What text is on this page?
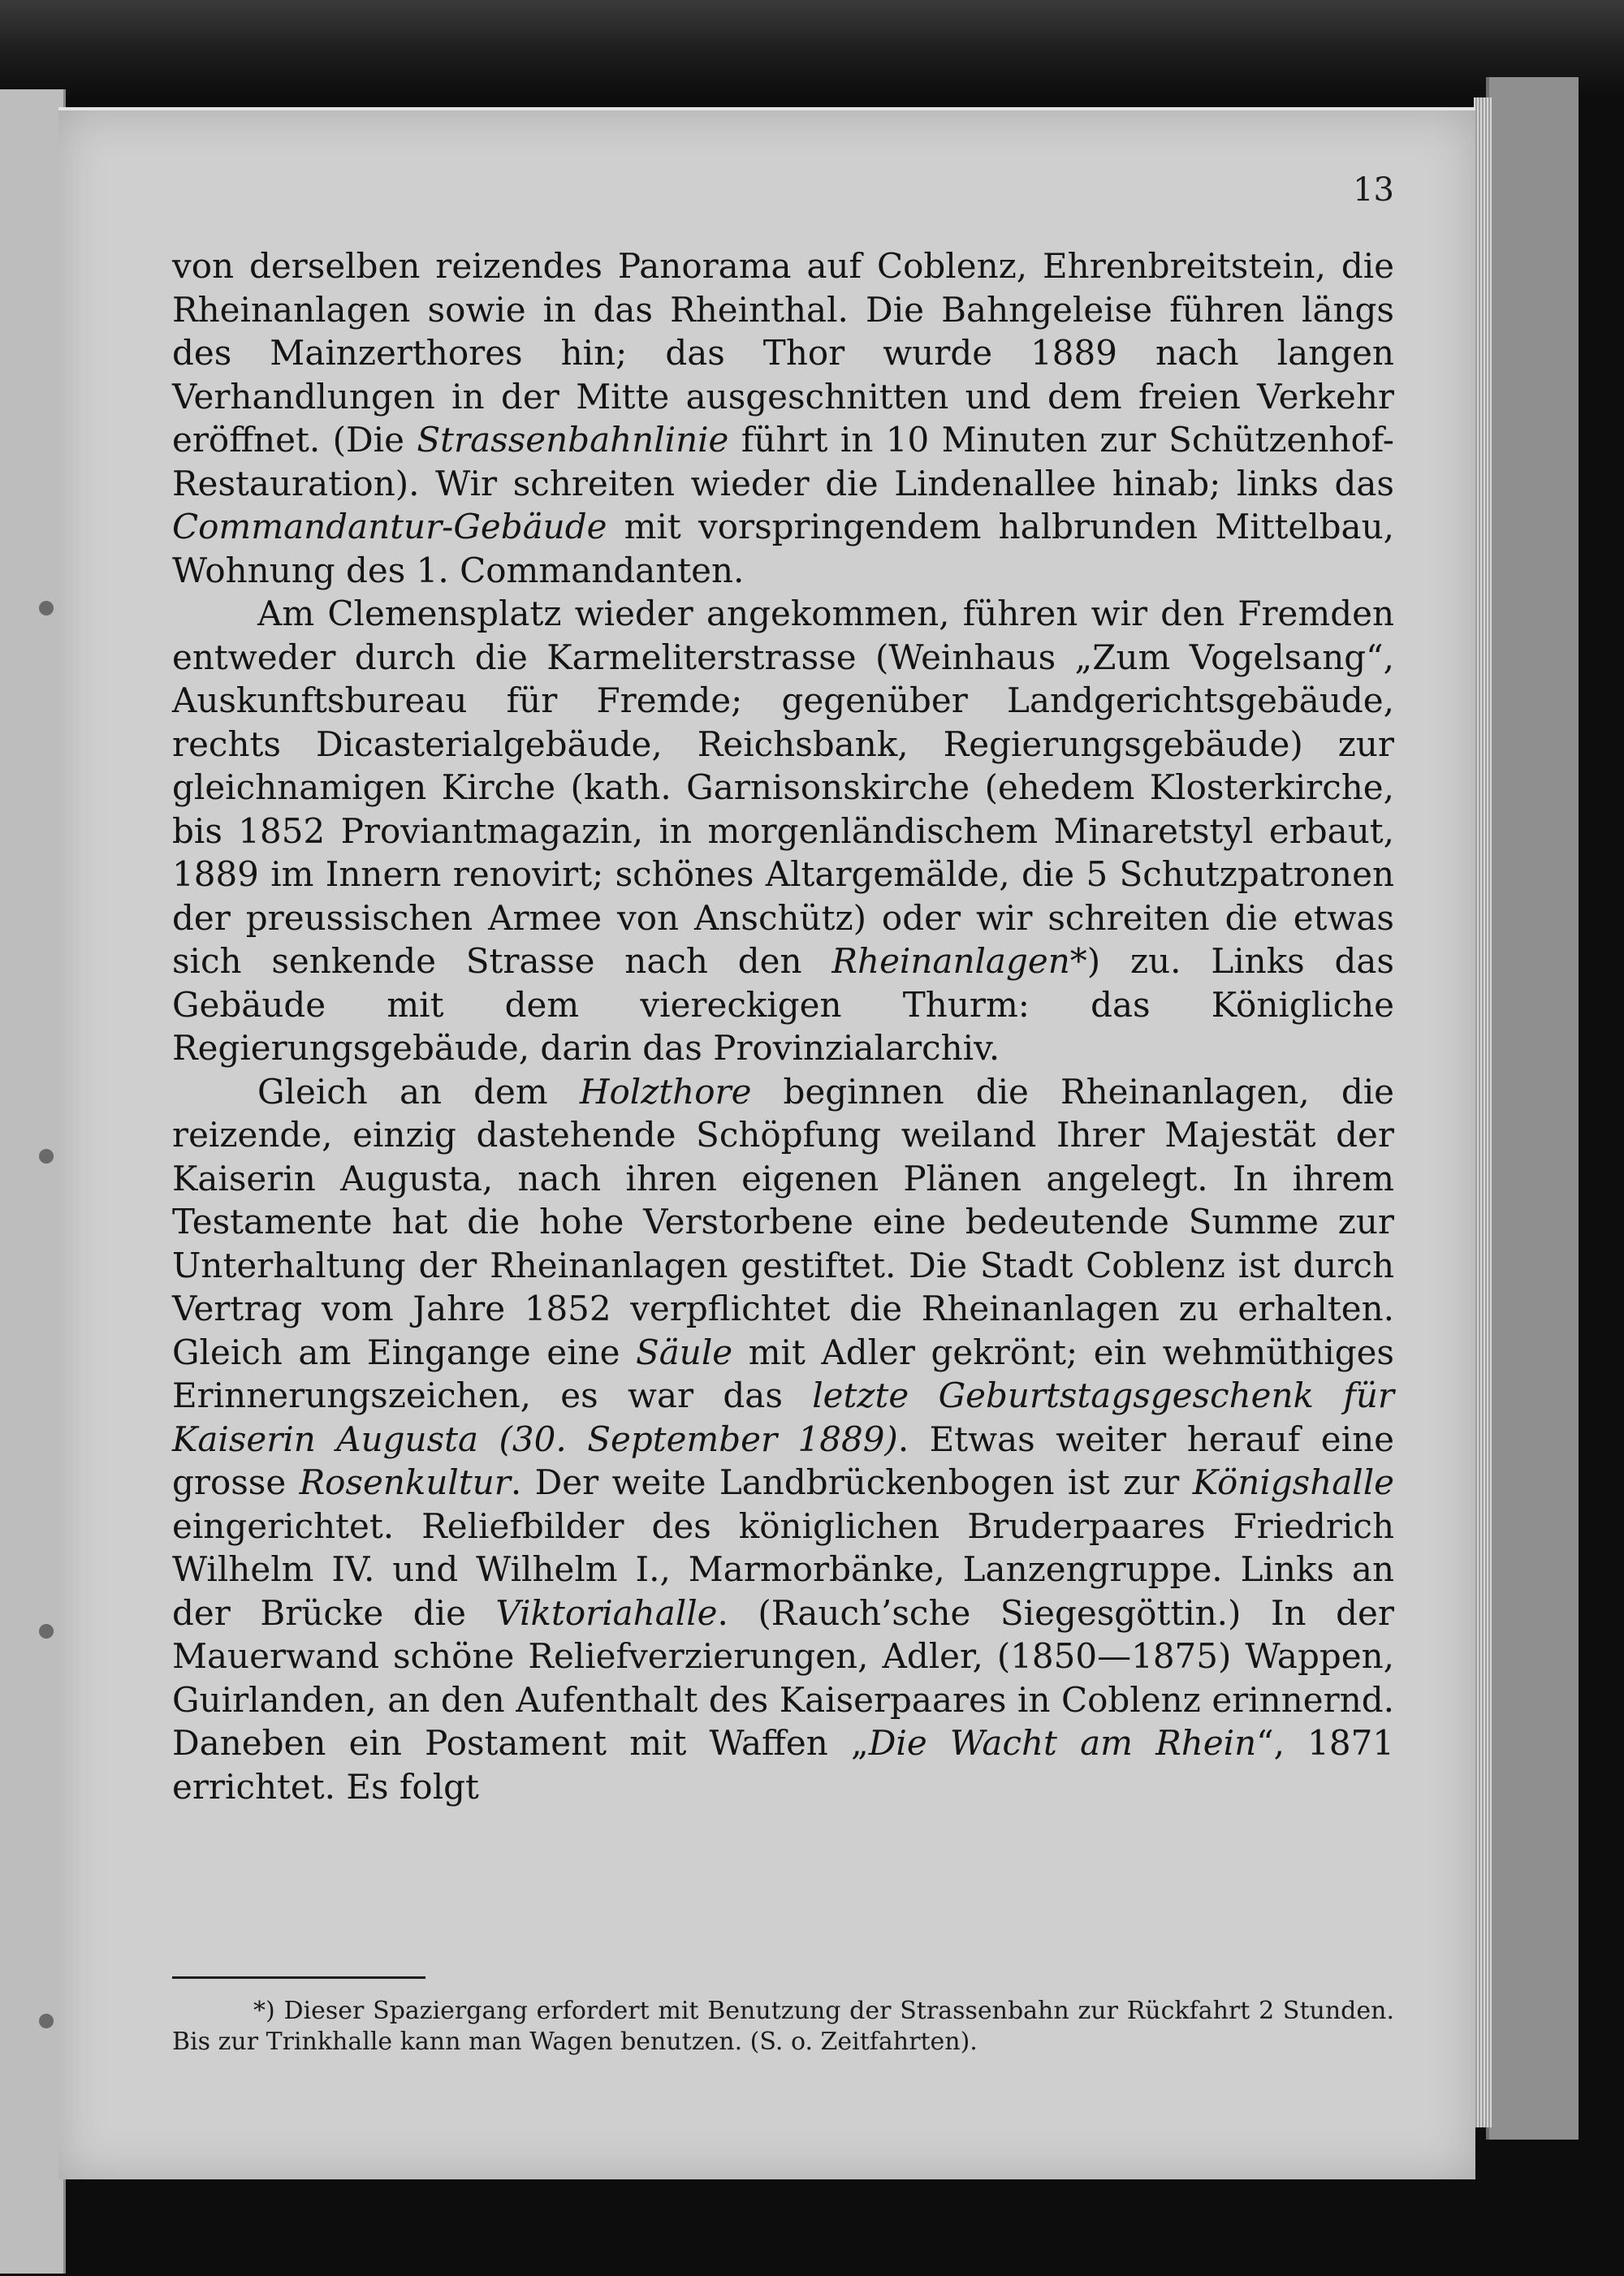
13

von derselben reizendes Panorama auf Coblenz, Ehrenbreitstein, die Rheinanlagen sowie in das Rheinthal. Die Bahngeleise führen längs des Mainzerthores hin; das Thor wurde 1889 nach langen Verhandlungen in der Mitte ausgeschnitten und dem freien Verkehr eröffnet. (Die Strassenbahnlinie führt in 10 Minuten zur Schützenhof-Restauration). Wir schreiten wieder die Lindenallee hinab; links das Commandantur-Gebäude mit vorspringendem halbrunden Mittelbau, Wohnung des 1. Commandanten.

Am Clemensplatz wieder angekommen, führen wir den Fremden entweder durch die Karmeliterstrasse (Weinhaus „Zum Vogelsang“, Auskunftsbureau für Fremde; gegenüber Landgerichtsgebäude, rechts Dicasterialgebäude, Reichsbank, Regierungsgebäude) zur gleichnamigen Kirche (kath. Garnisonskirche (ehedem Klosterkirche, bis 1852 Proviantmagazin, in morgenländischem Minaretstyl erbaut, 1889 im Innern renovirt; schönes Altargemälde, die 5 Schutzpatronen der preussischen Armee von Anschütz) oder wir schreiten die etwas sich senkende Strasse nach den Rheinanlagen*) zu. Links das Gebäude mit dem viereckigen Thurm: das Königliche Regierungsgebäude, darin das Provinzialarchiv.

Gleich an dem Holzthore beginnen die Rheinanlagen, die reizende, einzig dastehende Schöpfung weiland Ihrer Majestät der Kaiserin Augusta, nach ihren eigenen Plänen angelegt. In ihrem Testamente hat die hohe Verstorbene eine bedeutende Summe zur Unterhaltung der Rheinanlagen gestiftet. Die Stadt Coblenz ist durch Vertrag vom Jahre 1852 verpflichtet die Rheinanlagen zu erhalten. Gleich am Eingange eine Säule mit Adler gekrönt; ein wehmüthiges Erinnerungszeichen, es war das letzte Geburtstagsgeschenk für Kaiserin Augusta (30. September 1889). Etwas weiter herauf eine grosse Rosenkultur. Der weite Landbrückenbogen ist zur Königshalle eingerichtet. Reliefbilder des königlichen Bruderpaares Friedrich Wilhelm IV. und Wilhelm I., Marmorbänke, Lanzengruppe. Links an der Brücke die Viktoriahalle. (Rauch’sche Siegesgöttin.) In der Mauerwand schöne Reliefverzierungen, Adler, (1850—1875) Wappen, Guirlanden, an den Aufenthalt des Kaiserpaares in Coblenz erinnernd. Daneben ein Postament mit Waffen „Die Wacht am Rhein“, 1871 errichtet. Es folgt

*) Dieser Spaziergang erfordert mit Benutzung der Strassenbahn zur Rückfahrt 2 Stunden. Bis zur Trinkhalle kann man Wagen benutzen. (S. o. Zeitfahrten).
